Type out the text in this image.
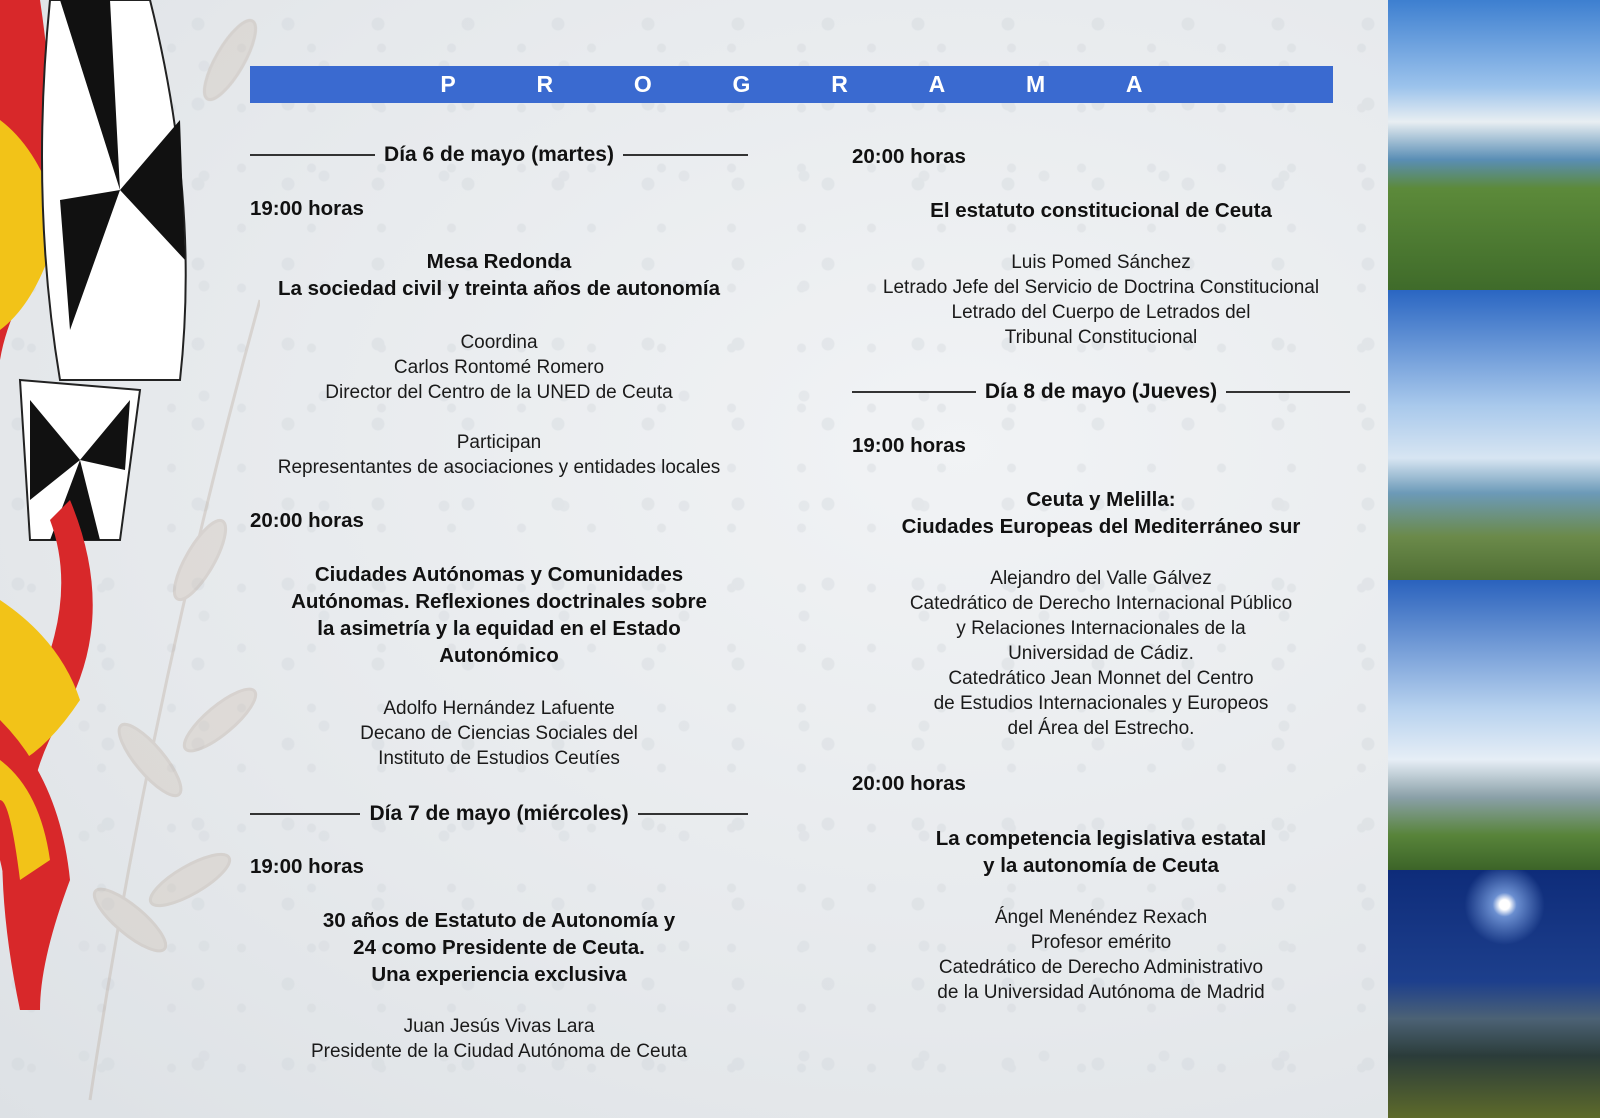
P	R	O	G	R	A	M	A
Día 6 de mayo (martes)
19:00 horas
Mesa Redonda
La sociedad civil y treinta años de autonomía
Coordina
Carlos Rontomé Romero
Director del Centro de la UNED de Ceuta
Participan
Representantes de asociaciones y entidades locales
20:00 horas
Ciudades Autónomas y Comunidades
Autónomas. Reflexiones doctrinales sobre
la asimetría y la equidad en el Estado
Autonómico
Adolfo Hernández Lafuente
Decano de Ciencias Sociales del
Instituto de Estudios Ceutíes
Día 7 de mayo (miércoles)
19:00 horas
30 años de Estatuto de Autonomía y
24 como Presidente de Ceuta.
Una experiencia exclusiva
Juan Jesús Vivas Lara
Presidente de la Ciudad Autónoma de Ceuta
20:00 horas
El estatuto constitucional de Ceuta
Luis Pomed Sánchez
Letrado Jefe del Servicio de Doctrina Constitucional
Letrado del Cuerpo de Letrados del
Tribunal Constitucional
Día 8 de mayo (Jueves)
19:00 horas
Ceuta y Melilla:
Ciudades Europeas del Mediterráneo sur
Alejandro del Valle Gálvez
Catedrático de Derecho Internacional Público
y Relaciones Internacionales de la
Universidad de Cádiz.
Catedrático Jean Monnet del Centro
de Estudios Internacionales y Europeos
del Área del Estrecho.
20:00 horas
La competencia legislativa estatal
y la autonomía de Ceuta
Ángel Menéndez Rexach
Profesor emérito
Catedrático de Derecho Administrativo
de la Universidad Autónoma de Madrid
